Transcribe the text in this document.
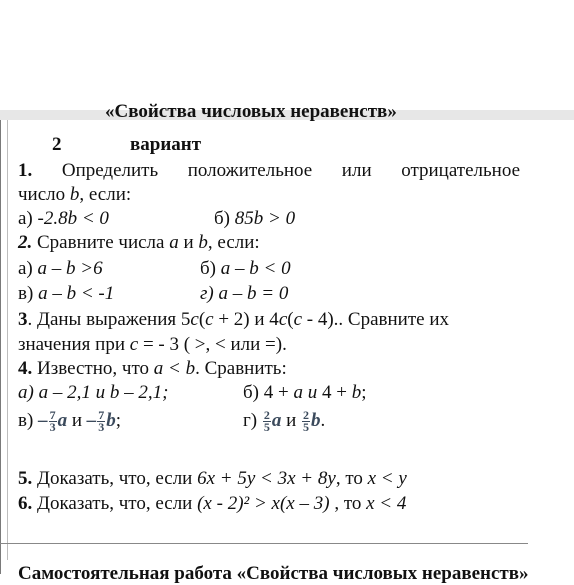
«Свойства числовых неравенств»
2	вариант
1. Определить положительное или отрицательное
число b, если:
а) -2.8b < 0	б) 85b > 0
2. Сравните числа a и b, если:
а) a – b >6	б) a – b < 0
в) a – b < -1	г) a – b = 0
3. Даны выражения 5c(c + 2) и 4c(c - 4).. Сравните их
значения при c = - 3 ( >, < или =).
4. Известно, что a < b. Сравнить:
а) a – 2,1 и b – 2,1;	б) 4 + a и 4 + b;
$в) - \frac{7}{3}$ a и – $\frac{7}{3} b$;	$г) \frac{2}{5}$ a и $\frac{2}{5} b$.
5. Доказать, что, если 6x + 5y < 3x + 8y, то x < y
6. Доказать, что, если (x - 2)² > x(x – 3) , то x < 4
Самостоятельная работа «Свойства числовых неравенств»
